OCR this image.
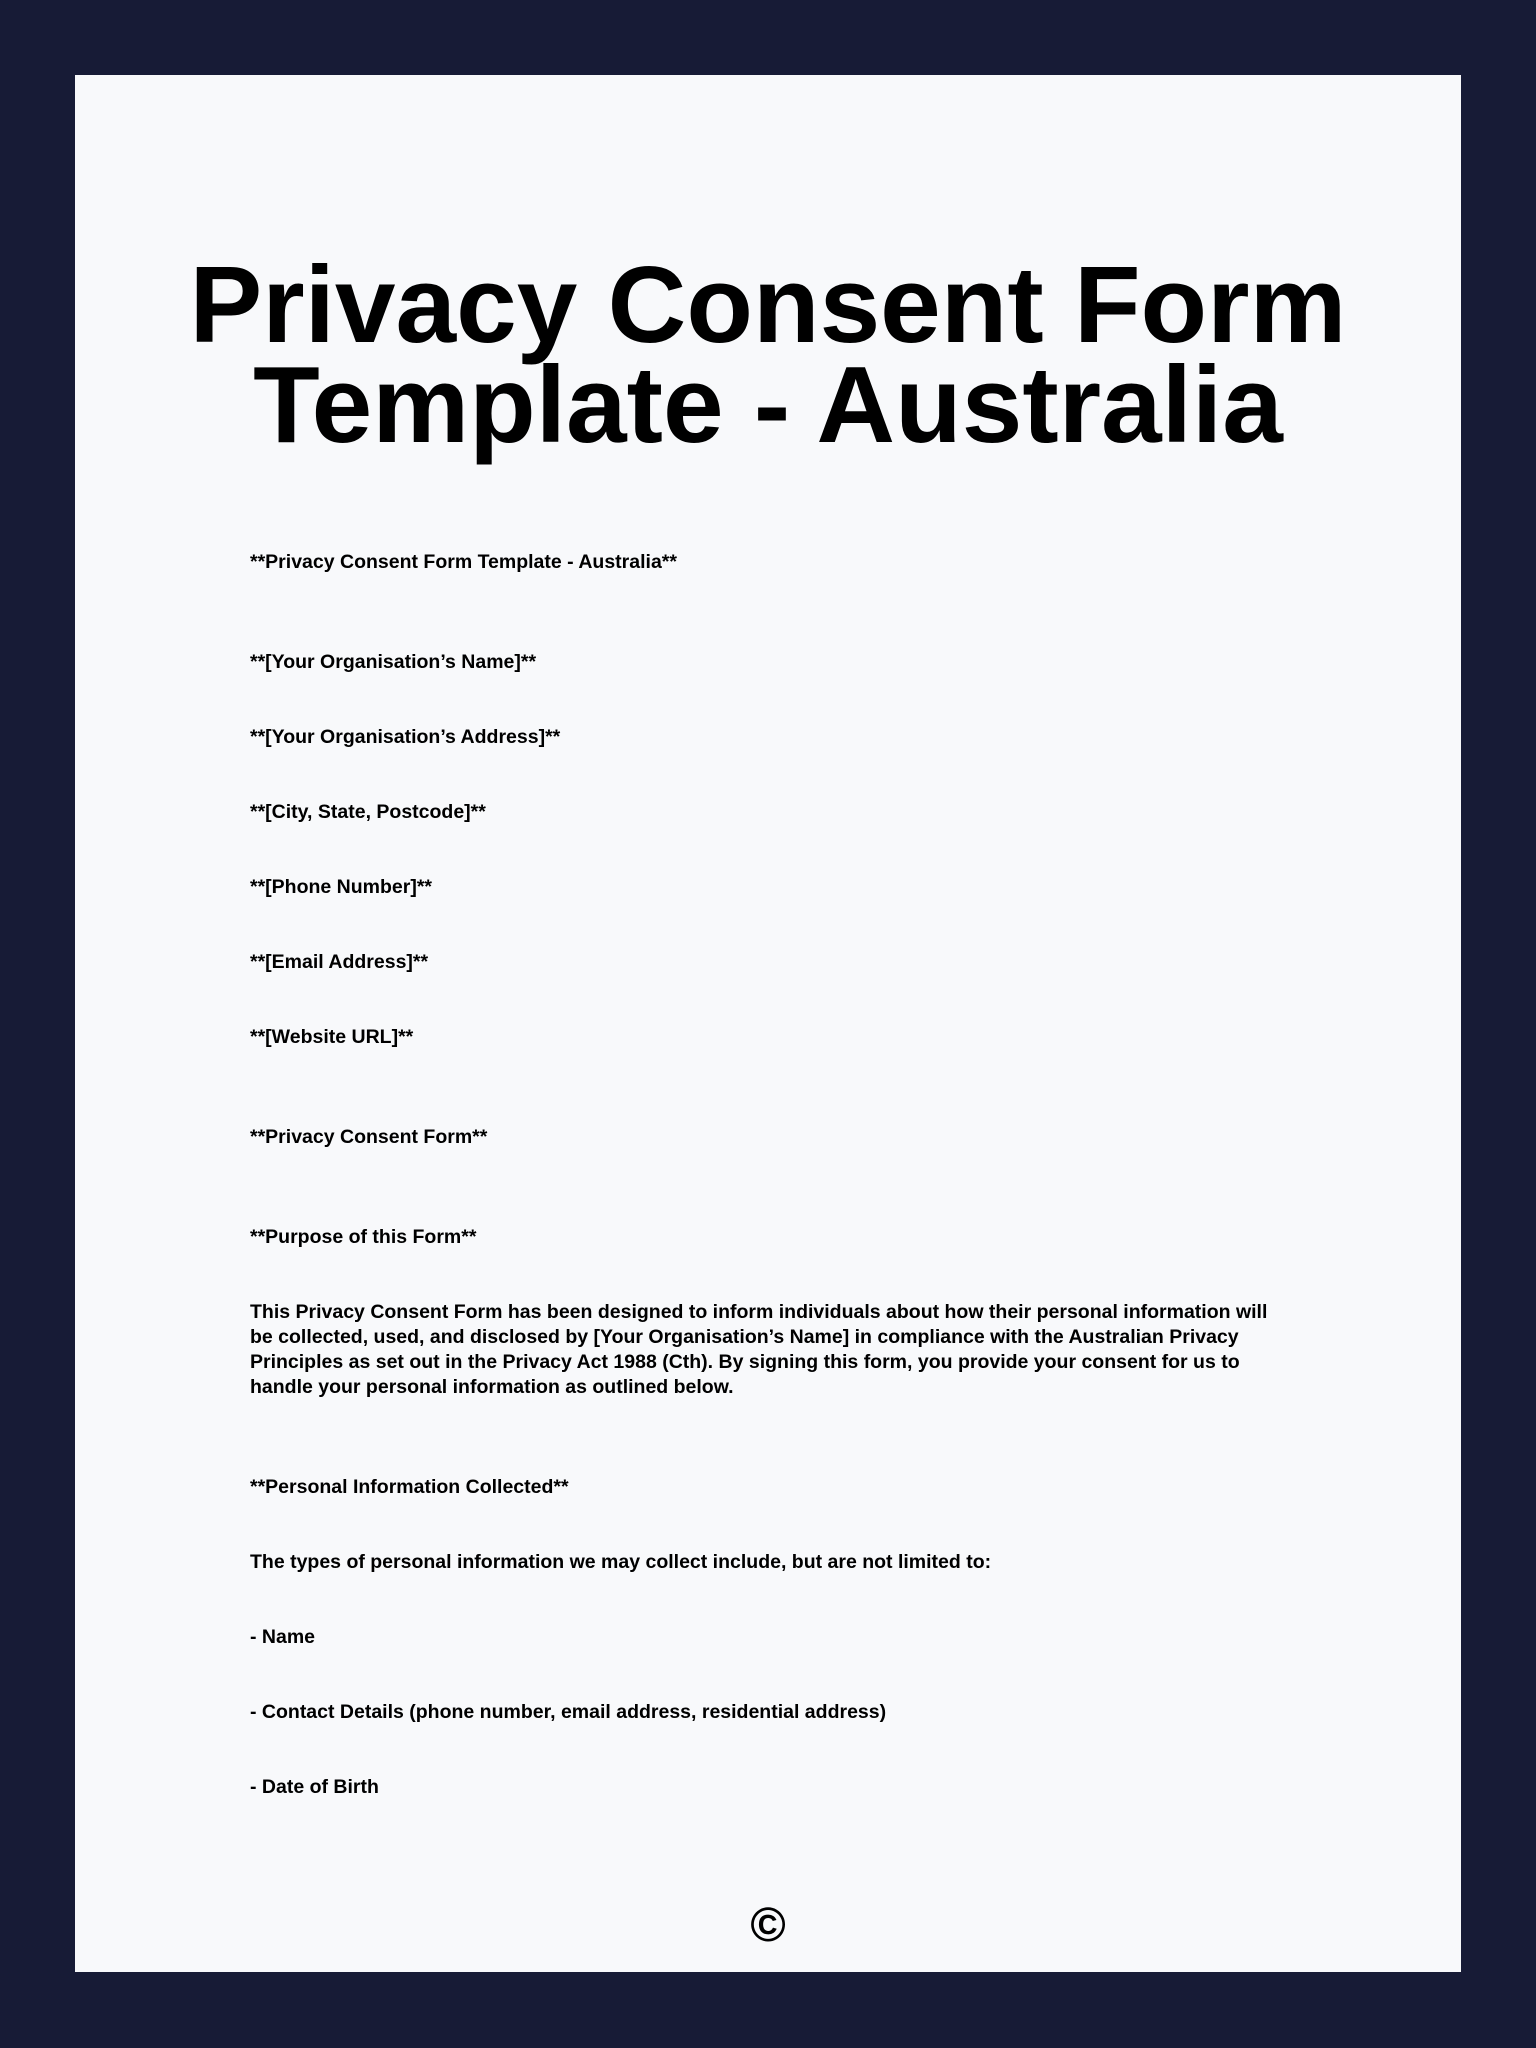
Privacy Consent Form
Template - Australia

**Privacy Consent Form Template - Australia**

**[Your Organisation’s Name]**

**[Your Organisation’s Address]**

**[City, State, Postcode]**

**[Phone Number]**

**[Email Address]**

**[Website URL]**

**Privacy Consent Form**

**Purpose of this Form**

This Privacy Consent Form has been designed to inform individuals about how their personal information will be collected, used, and disclosed by [Your Organisation’s Name] in compliance with the Australian Privacy Principles as set out in the Privacy Act 1988 (Cth). By signing this form, you provide your consent for us to handle your personal information as outlined below.

**Personal Information Collected**

The types of personal information we may collect include, but are not limited to:

- Name

- Contact Details (phone number, email address, residential address)

- Date of Birth

©
